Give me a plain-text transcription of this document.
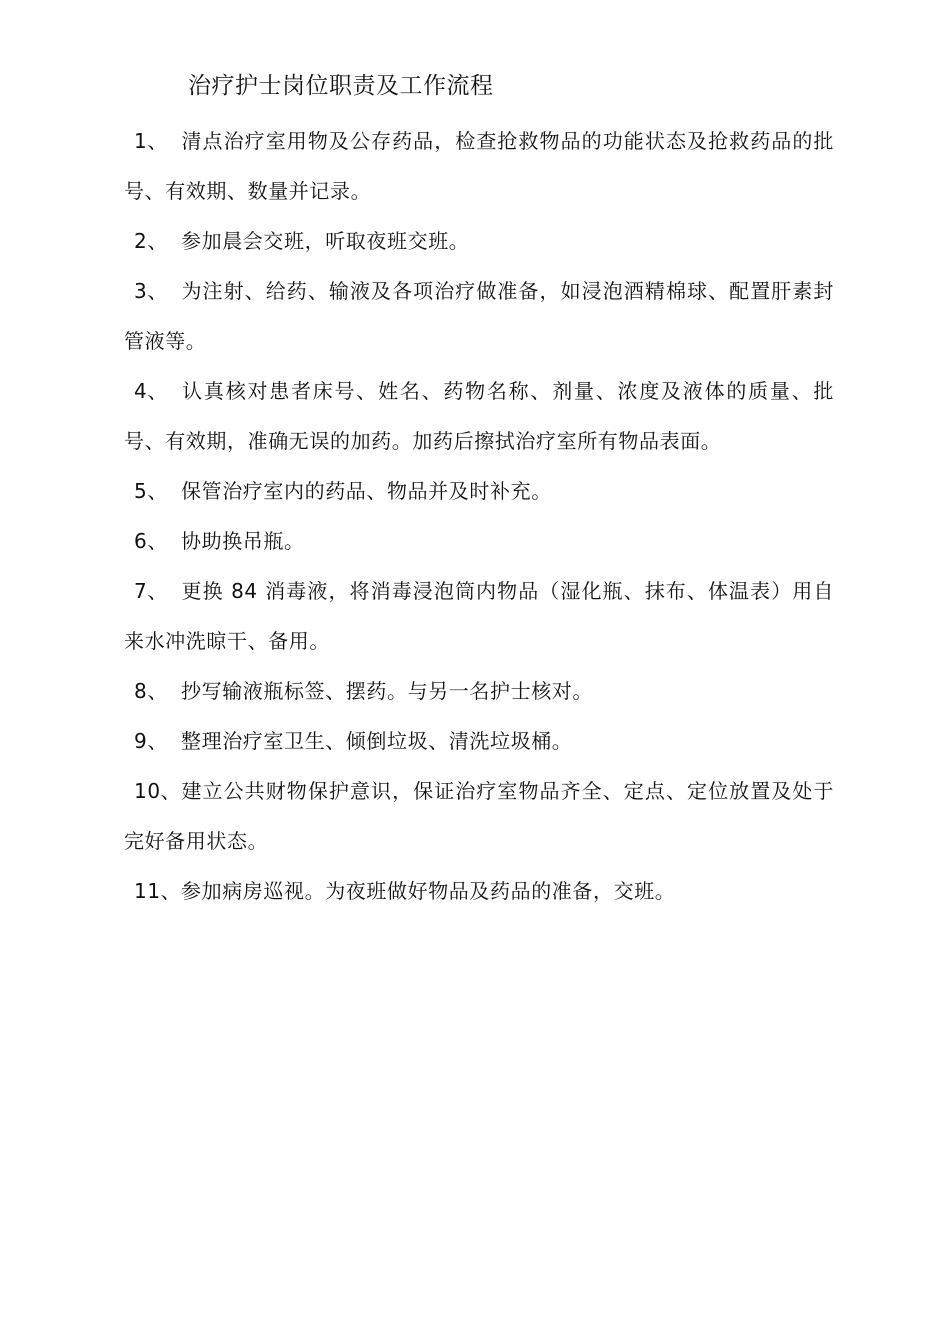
治疗护士岗位职责及工作流程
1、 清点治疗室用物及公存药品，检查抢救物品的功能状态及抢救药品的批号、有效期、数量并记录。
2、 参加晨会交班，听取夜班交班。
3、 为注射、给药、输液及各项治疗做准备，如浸泡酒精棉球、配置肝素封管液等。
4、 认真核对患者床号、姓名、药物名称、剂量、浓度及液体的质量、批号、有效期，准确无误的加药。加药后擦拭治疗室所有物品表面。
5、 保管治疗室内的药品、物品并及时补充。
6、 协助换吊瓶。
7、 更换 84 消毒液，将消毒浸泡筒内物品（湿化瓶、抹布、体温表）用自来水冲洗晾干、备用。
8、 抄写输液瓶标签、摆药。与另一名护士核对。
9、 整理治疗室卫生、倾倒垃圾、清洗垃圾桶。
10、建立公共财物保护意识，保证治疗室物品齐全、定点、定位放置及处于完好备用状态。
11、参加病房巡视。为夜班做好物品及药品的准备，交班。
